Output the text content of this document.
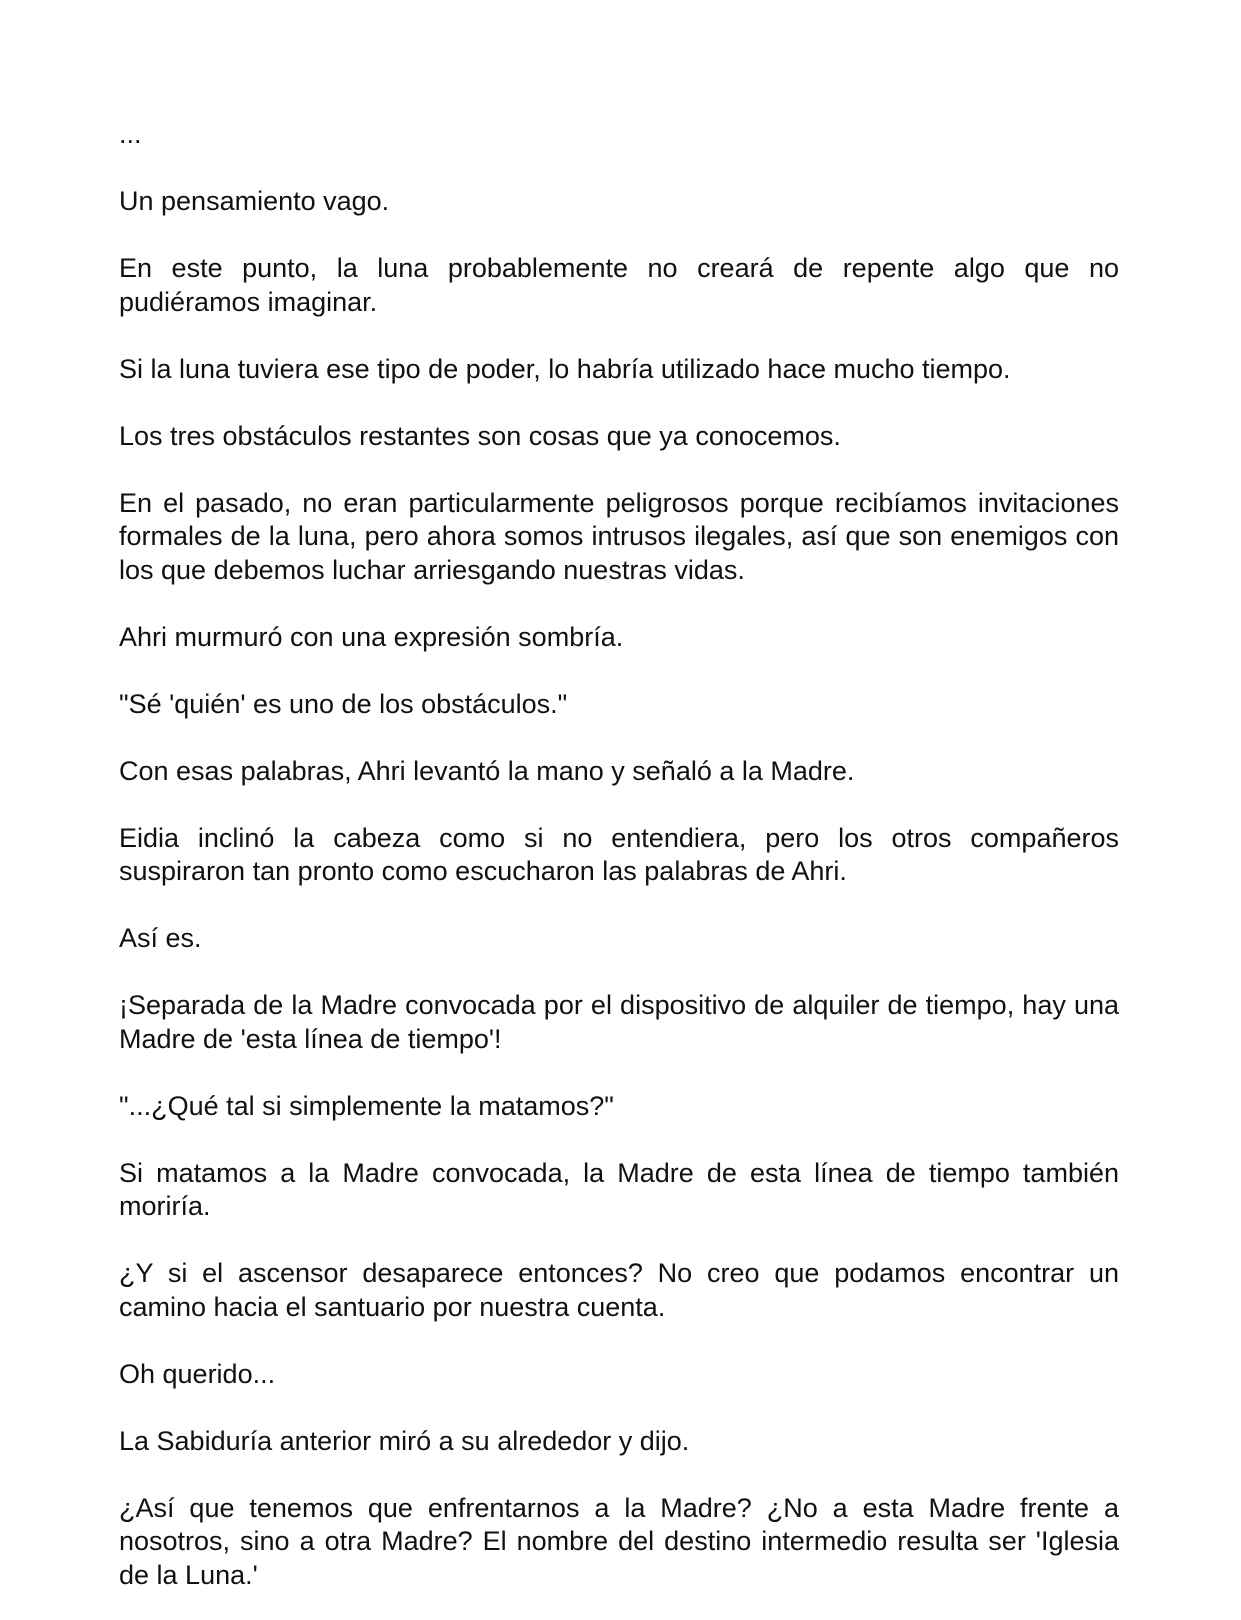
...

Un pensamiento vago.

En este punto, la luna probablemente no creará de repente algo que no pudiéramos imaginar.

Si la luna tuviera ese tipo de poder, lo habría utilizado hace mucho tiempo.

Los tres obstáculos restantes son cosas que ya conocemos.

En el pasado, no eran particularmente peligrosos porque recibíamos invitaciones formales de la luna, pero ahora somos intrusos ilegales, así que son enemigos con los que debemos luchar arriesgando nuestras vidas.

Ahri murmuró con una expresión sombría.

"Sé 'quién' es uno de los obstáculos."

Con esas palabras, Ahri levantó la mano y señaló a la Madre.

Eidia inclinó la cabeza como si no entendiera, pero los otros compañeros suspiraron tan pronto como escucharon las palabras de Ahri.

Así es.

¡Separada de la Madre convocada por el dispositivo de alquiler de tiempo, hay una Madre de 'esta línea de tiempo'!

"...¿Qué tal si simplemente la matamos?"

Si matamos a la Madre convocada, la Madre de esta línea de tiempo también moriría.

¿Y si el ascensor desaparece entonces? No creo que podamos encontrar un camino hacia el santuario por nuestra cuenta.

Oh querido...

La Sabiduría anterior miró a su alrededor y dijo.

¿Así que tenemos que enfrentarnos a la Madre? ¿No a esta Madre frente a nosotros, sino a otra Madre? El nombre del destino intermedio resulta ser 'Iglesia de la Luna.'
